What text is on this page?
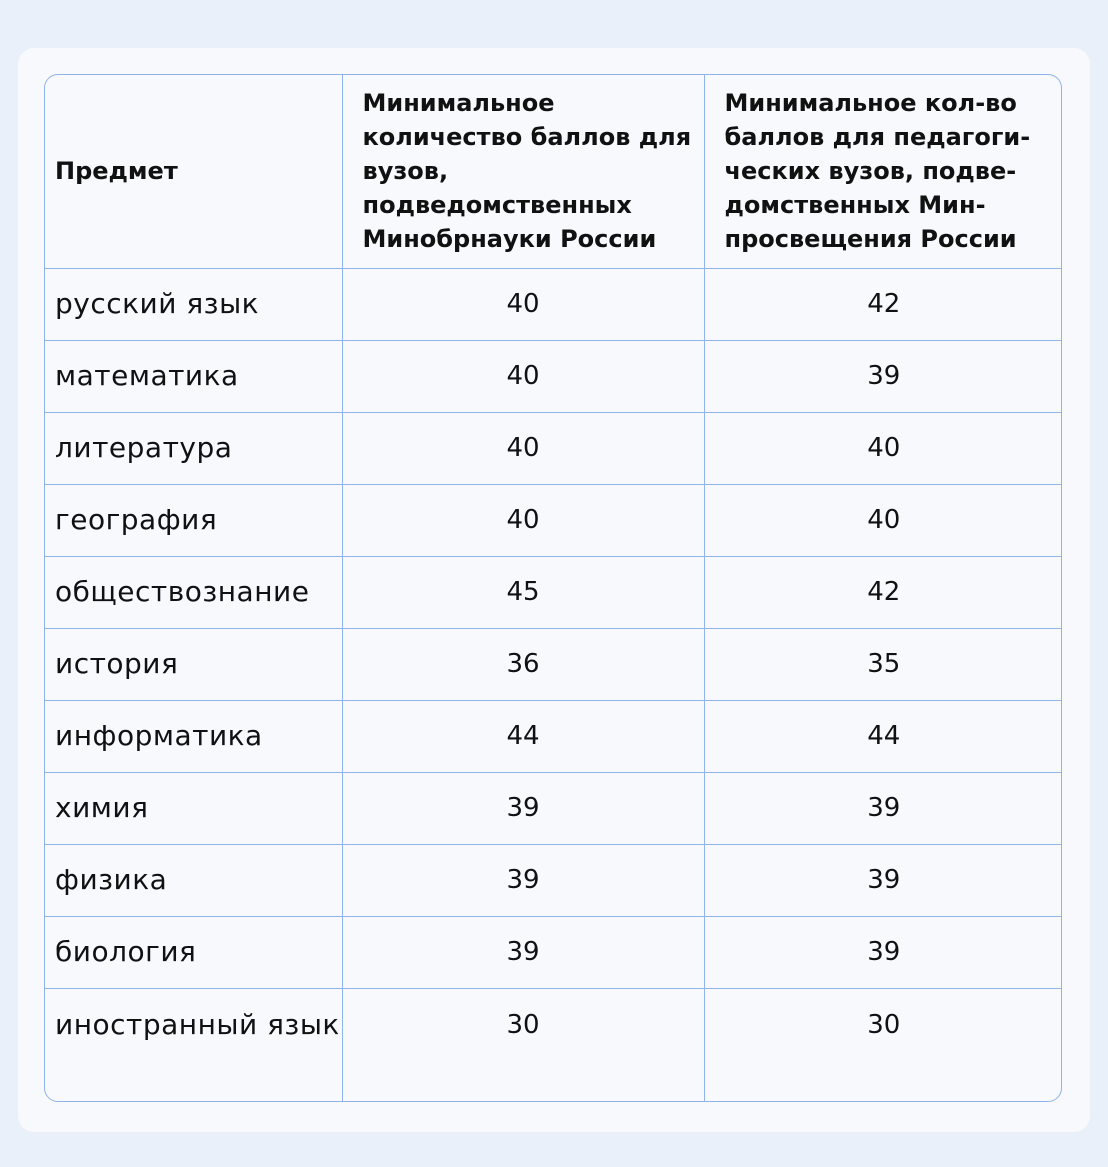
Предмет	Минимальное количество баллов для вузов, подведомственных Минобрнауки России	Минимальное кол-во баллов для педагоги-ческих вузов, подве-домственных Мин-просвещения России
русский язык	40	42
математика	40	39
литература	40	40
география	40	40
обществознание	45	42
история	36	35
информатика	44	44
химия	39	39
физика	39	39
биология	39	39
иностранный язык	30	30
